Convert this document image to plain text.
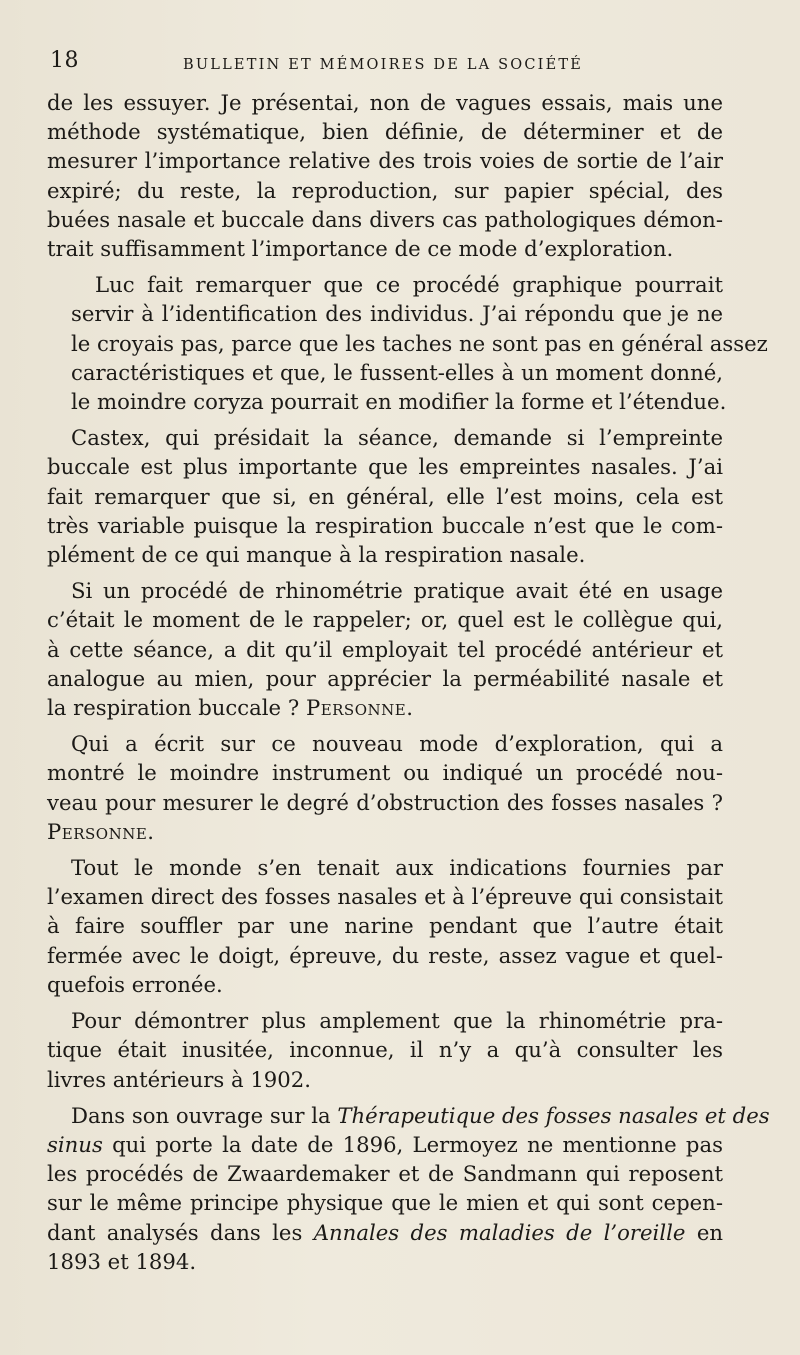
18	BULLETIN ET MÉMOIRES DE LA SOCIÉTÉ
de les essuyer. Je présentai, non de vagues essais, mais une
méthode systématique, bien définie, de déterminer et de
mesurer l’importance relative des trois voies de sortie de l’air
expiré; du reste, la reproduction, sur papier spécial, des
buées nasale et buccale dans divers cas pathologiques démon-
trait suffisamment l’importance de ce mode d’exploration.
Luc fait remarquer que ce procédé graphique pourrait
servir à l’identification des individus. J’ai répondu que je ne
le croyais pas, parce que les taches ne sont pas en général assez
caractéristiques et que, le fussent-elles à un moment donné,
le moindre coryza pourrait en modifier la forme et l’étendue.
Castex, qui présidait la séance, demande si l’empreinte
buccale est plus importante que les empreintes nasales. J’ai
fait remarquer que si, en général, elle l’est moins, cela est
très variable puisque la respiration buccale n’est que le com-
plément de ce qui manque à la respiration nasale.
Si un procédé de rhinométrie pratique avait été en usage
c’était le moment de le rappeler; or, quel est le collègue qui,
à cette séance, a dit qu’il employait tel procédé antérieur et
analogue au mien, pour apprécier la perméabilité nasale et
la respiration buccale ? Personne.
Qui a écrit sur ce nouveau mode d’exploration, qui a
montré le moindre instrument ou indiqué un procédé nou-
veau pour mesurer le degré d’obstruction des fosses nasales ?
Personne.
Tout le monde s’en tenait aux indications fournies par
l’examen direct des fosses nasales et à l’épreuve qui consistait
à faire souffler par une narine pendant que l’autre était
fermée avec le doigt, épreuve, du reste, assez vague et quel-
quefois erronée.
Pour démontrer plus amplement que la rhinométrie pra-
tique était inusitée, inconnue, il n’y a qu’à consulter les
livres antérieurs à 1902.
Dans son ouvrage sur la Thérapeutique des fosses nasales et des
sinus qui porte la date de 1896, Lermoyez ne mentionne pas
les procédés de Zwaardemaker et de Sandmann qui reposent
sur le même principe physique que le mien et qui sont cepen-
dant analysés dans les Annales des maladies de l’oreille en
1893 et 1894.
